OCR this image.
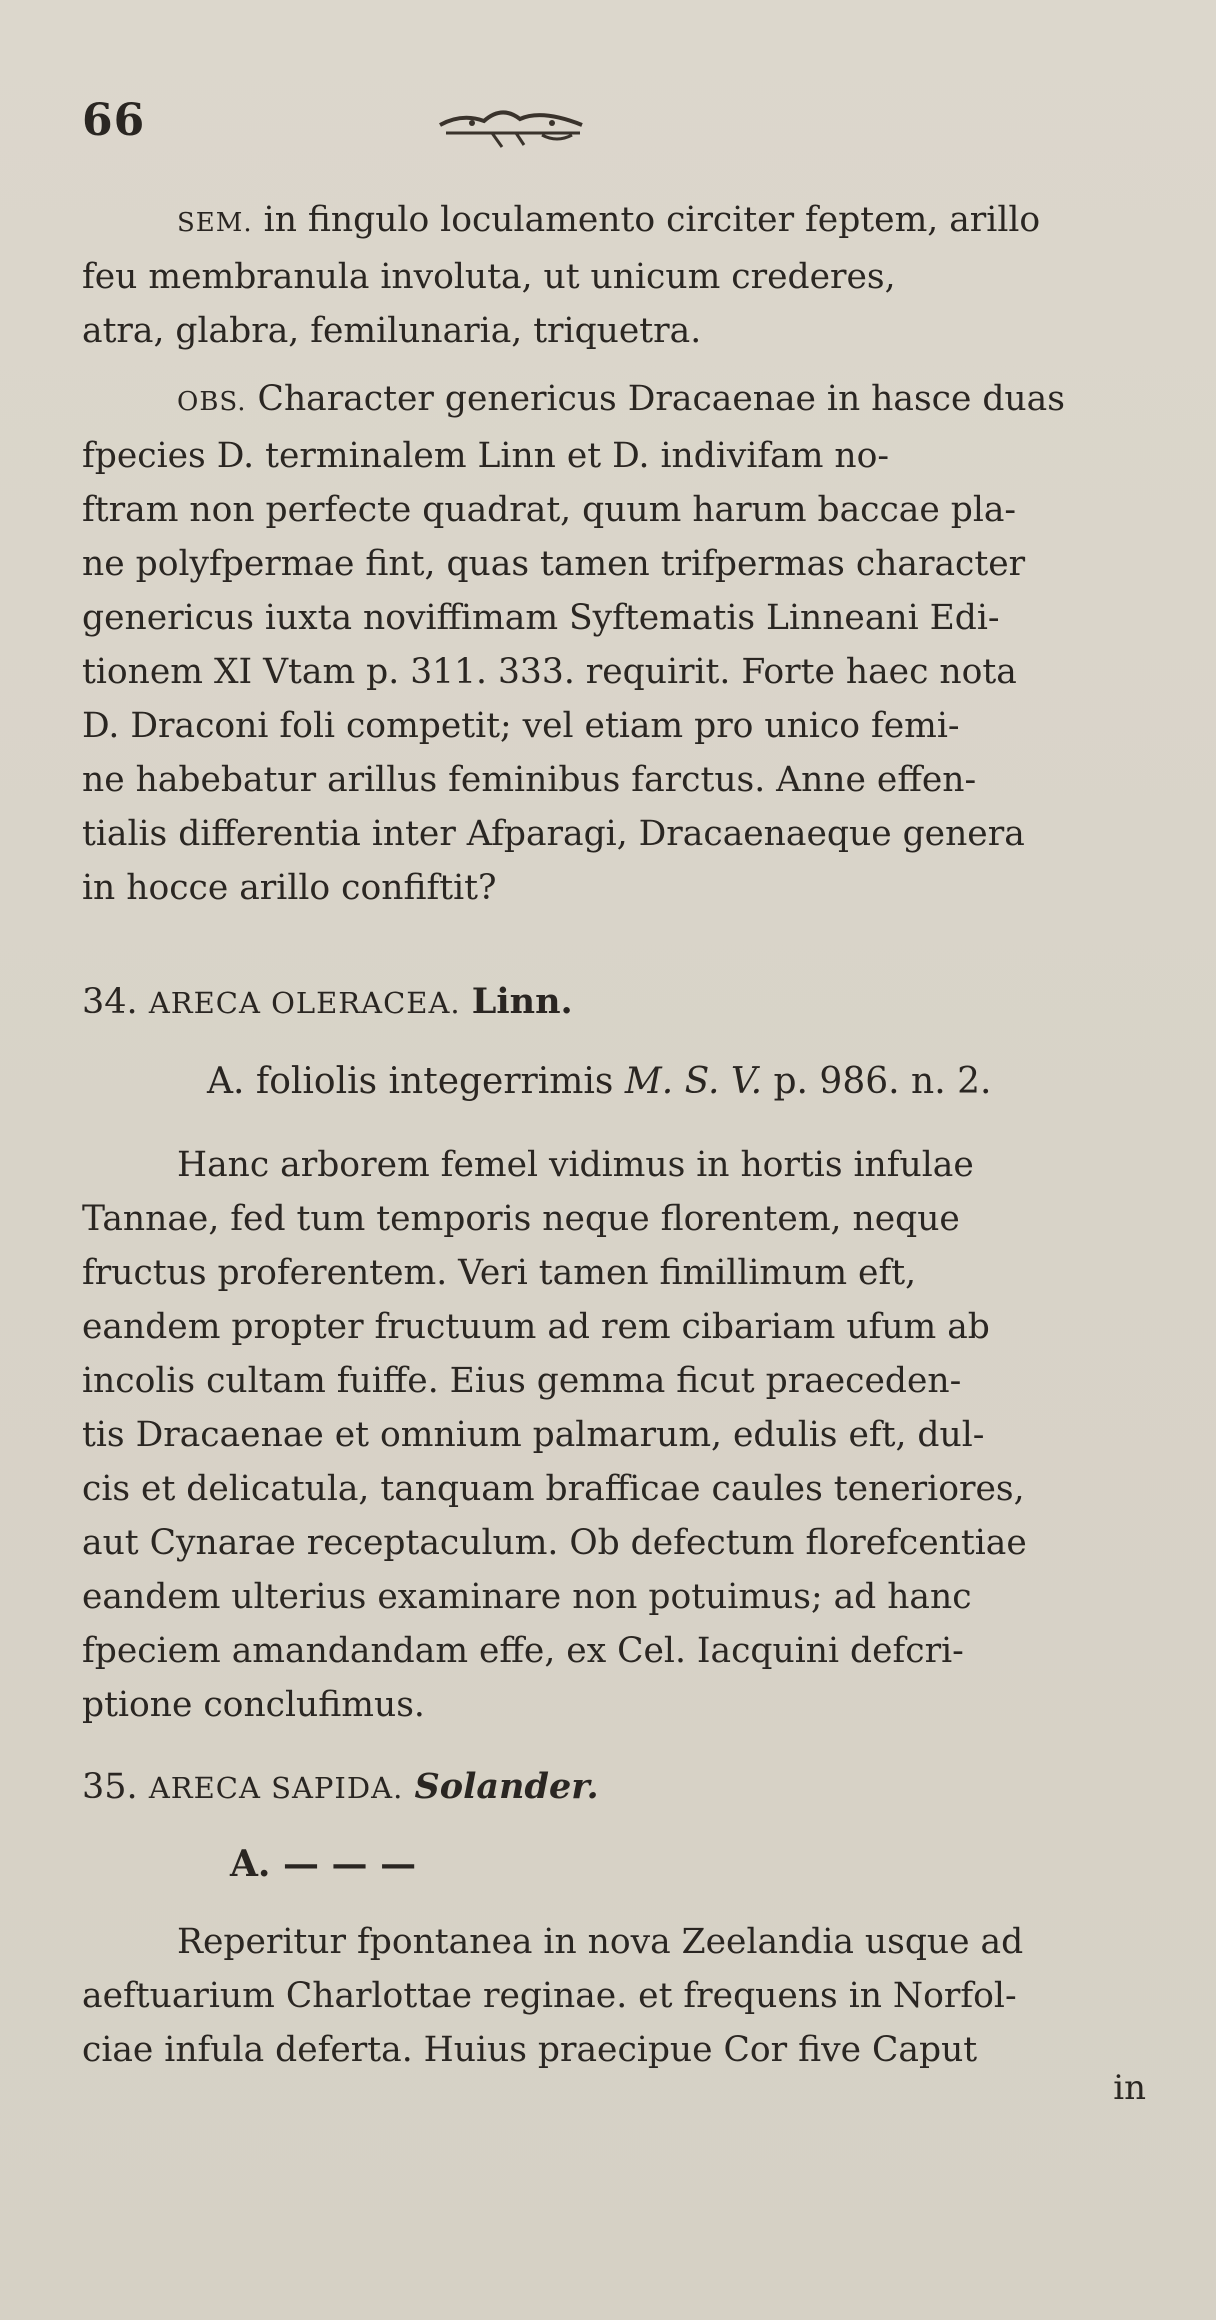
66

SEM. in fingulo loculamento circiter feptem, arillo

feu membranula involuta, ut unicum crederes,

atra, glabra, femilunaria, triquetra.

OBS. Character genericus Dracaenae in hasce duas

fpecies D. terminalem Linn et D. indivifam no-

ftram non perfecte quadrat, quum harum baccae pla-

ne polyfpermae fint, quas tamen trifpermas character

genericus iuxta noviffimam Syftematis Linneani Edi-

tionem XI Vtam p. 311. 333. requirit. Forte haec nota

D. Draconi foli competit; vel etiam pro unico femi-

ne habebatur arillus feminibus farctus. Anne effen-

tialis differentia inter Afparagi, Dracaenaeque genera

in hocce arillo confiftit?

34. ARECA OLERACEA. Linn.
A. foliolis integerrimis M. S. V. p. 986. n. 2.

Hanc arborem femel vidimus in hortis infulae

Tannae, fed tum temporis neque florentem, neque

fructus proferentem. Veri tamen fimillimum eft,

eandem propter fructuum ad rem cibariam ufum ab

incolis cultam fuiffe. Eius gemma ficut praeceden-

tis Dracaenae et omnium palmarum, edulis eft, dul-

cis et delicatula, tanquam brafficae caules teneriores,

aut Cynarae receptaculum. Ob defectum florefcentiae

eandem ulterius examinare non potuimus; ad hanc

fpeciem amandandam effe, ex Cel. Iacquini defcri-

ptione conclufimus.

35. ARECA SAPIDA. Solander.
A. — — —

Reperitur fpontanea in nova Zeelandia usque ad

aeftuarium Charlottae reginae. et frequens in Norfol-

ciae infula deferta. Huius praecipue Cor five Caput

in
